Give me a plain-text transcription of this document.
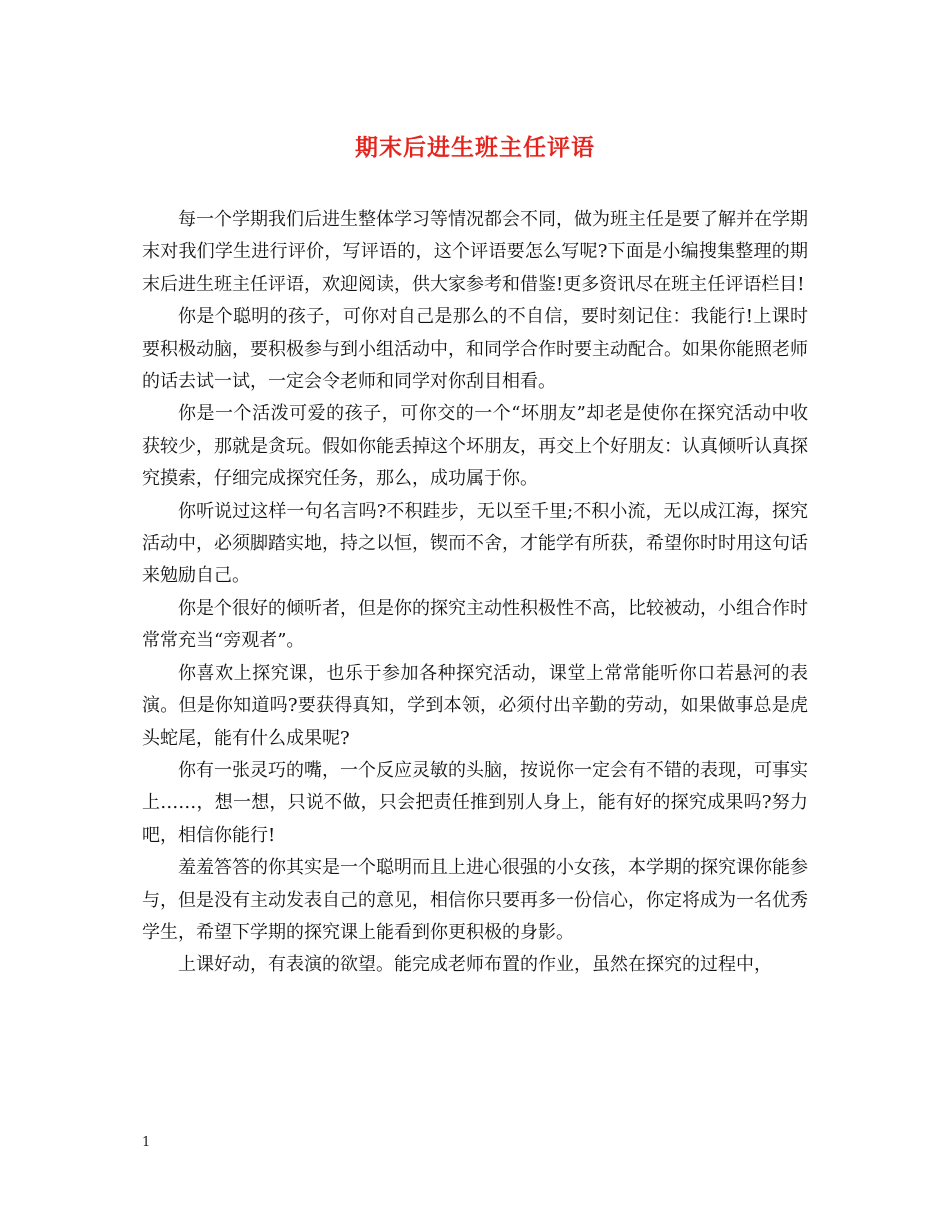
期末后进生班主任评语

每一个学期我们后进生整体学习等情况都会不同，做为班主任是要了解并在学期末对我们学生进行评价，写评语的，这个评语要怎么写呢?下面是小编搜集整理的期末后进生班主任评语，欢迎阅读，供大家参考和借鉴!更多资讯尽在班主任评语栏目!

你是个聪明的孩子，可你对自己是那么的不自信，要时刻记住：我能行!上课时要积极动脑，要积极参与到小组活动中，和同学合作时要主动配合。如果你能照老师的话去试一试，一定会令老师和同学对你刮目相看。

你是一个活泼可爱的孩子，可你交的一个“坏朋友”却老是使你在探究活动中收获较少，那就是贪玩。假如你能丢掉这个坏朋友，再交上个好朋友：认真倾听认真探究摸索，仔细完成探究任务，那么，成功属于你。

你听说过这样一句名言吗?不积跬步，无以至千里;不积小流，无以成江海，探究活动中，必须脚踏实地，持之以恒，锲而不舍，才能学有所获，希望你时时用这句话来勉励自己。

你是个很好的倾听者，但是你的探究主动性积极性不高，比较被动，小组合作时常常充当“旁观者”。

你喜欢上探究课，也乐于参加各种探究活动，课堂上常常能听你口若悬河的表演。但是你知道吗?要获得真知，学到本领，必须付出辛勤的劳动，如果做事总是虎头蛇尾，能有什么成果呢?

你有一张灵巧的嘴，一个反应灵敏的头脑，按说你一定会有不错的表现，可事实上……，想一想，只说不做，只会把责任推到别人身上，能有好的探究成果吗?努力吧，相信你能行!

羞羞答答的你其实是一个聪明而且上进心很强的小女孩，本学期的探究课你能参与，但是没有主动发表自己的意见，相信你只要再多一份信心，你定将成为一名优秀学生，希望下学期的探究课上能看到你更积极的身影。

上课好动，有表演的欲望。能完成老师布置的作业，虽然在探究的过程中，

1
